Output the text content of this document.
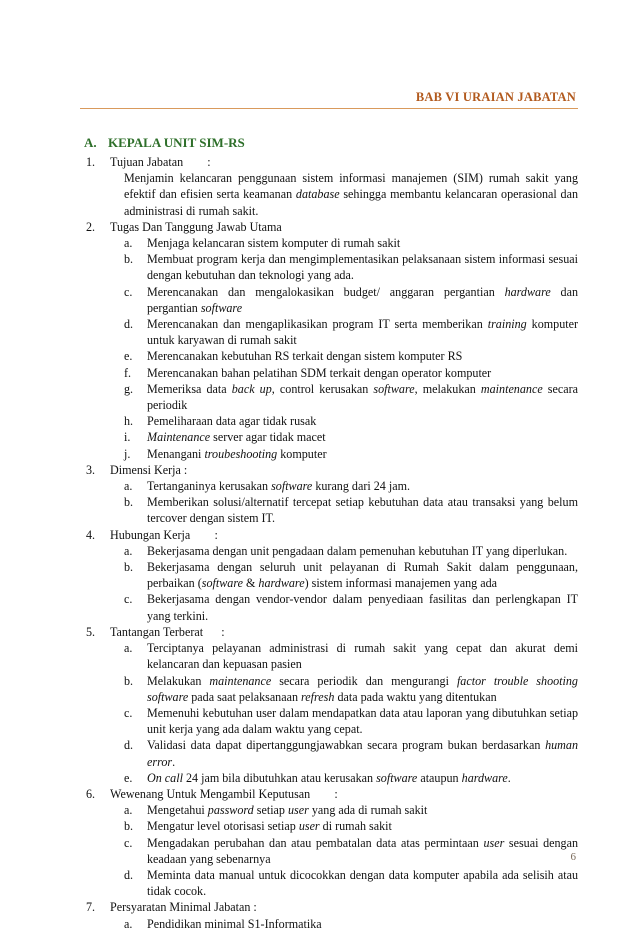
BAB VI URAIAN JABATAN
A. KEPALA UNIT SIM-RS
1.	Tujuan Jabatan        :
Menjamin kelancaran penggunaan sistem informasi manajemen (SIM) rumah sakit yang efektif dan efisien serta keamanan database sehingga membantu kelancaran operasional dan administrasi di rumah sakit.
2.	Tugas Dan Tanggung Jawab Utama
a.	Menjaga kelancaran sistem komputer di rumah sakit
b.	Membuat program kerja dan mengimplementasikan pelaksanaan sistem informasi sesuai dengan kebutuhan dan teknologi yang ada.
c.	Merencanakan dan mengalokasikan budget/ anggaran pergantian hardware dan pergantian software
d.	Merencanakan dan mengaplikasikan program IT serta memberikan training komputer untuk karyawan di rumah sakit
e.	Merencanakan kebutuhan RS terkait dengan sistem komputer RS
f.	Merencanakan bahan pelatihan SDM terkait dengan operator komputer
g.	Memeriksa data back up, control kerusakan software, melakukan maintenance secara periodik
h.	Pemeliharaan data agar tidak rusak
i.	Maintenance server agar tidak macet
j.	Menangani troubeshooting komputer
3.	Dimensi Kerja :
a.	Tertanganinya kerusakan software kurang dari 24 jam.
b.	Memberikan solusi/alternatif tercepat setiap kebutuhan data atau transaksi yang belum tercover dengan sistem IT.
4.	Hubungan Kerja        :
a.	Bekerjasama dengan unit pengadaan dalam pemenuhan kebutuhan IT yang diperlukan.
b.	Bekerjasama dengan seluruh unit pelayanan di Rumah Sakit dalam penggunaan, perbaikan (software & hardware) sistem informasi manajemen yang ada
c.	Bekerjasama dengan vendor-vendor dalam penyediaan fasilitas dan perlengkapan IT yang terkini.
5.	Tantangan Terberat      :
a.	Terciptanya pelayanan administrasi di rumah sakit yang cepat dan akurat demi kelancaran dan kepuasan pasien
b.	Melakukan maintenance secara periodik dan mengurangi factor trouble shooting software pada saat pelaksanaan refresh data pada waktu yang ditentukan
c.	Memenuhi kebutuhan user dalam mendapatkan data atau laporan yang dibutuhkan setiap unit kerja yang ada dalam waktu yang cepat.
d.	Validasi data dapat dipertanggungjawabkan secara program bukan berdasarkan human error.
e.	On call 24 jam bila dibutuhkan atau kerusakan software ataupun hardware.
6.	Wewenang Untuk Mengambil Keputusan        :
a.	Mengetahui password setiap user yang ada di rumah sakit
b.	Mengatur level otorisasi setiap user di rumah sakit
c.	Mengadakan perubahan dan atau pembatalan data atas permintaan user sesuai dengan keadaan yang sebenarnya
d.	Meminta data manual untuk dicocokkan dengan data komputer apabila ada selisih atau tidak cocok.
7.	Persyaratan Minimal Jabatan :
a.	Pendidikan minimal S1-Informatika
6
